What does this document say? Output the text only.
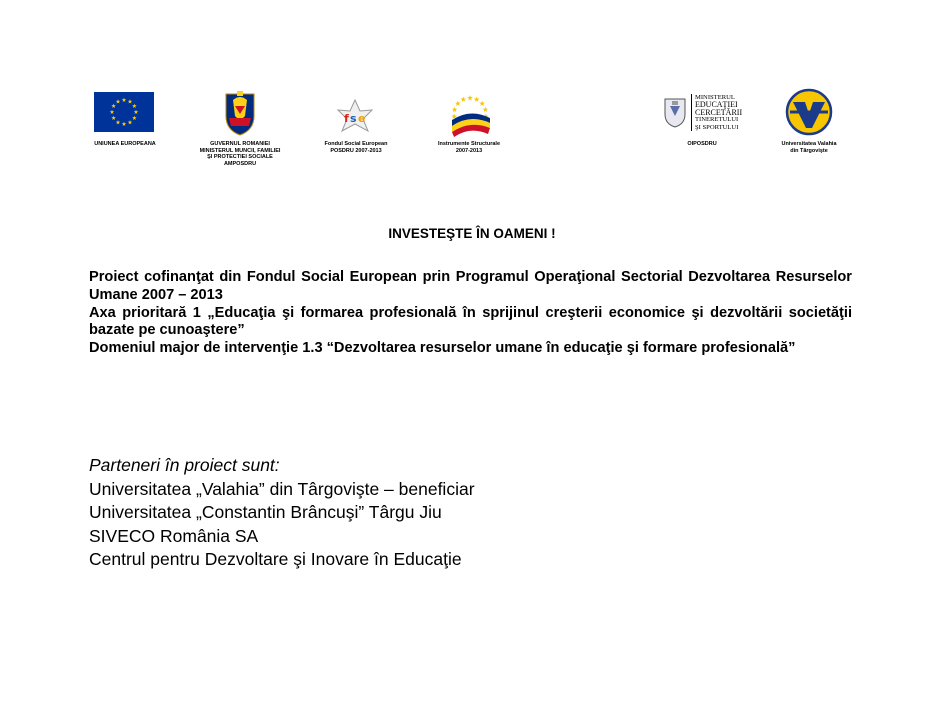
UNIUNEA EUROPEANA	GUVERNUL ROMANIEI
MINISTERUL MUNCII, FAMILIEI
ŞI PROTECTIEI SOCIALE
AMPOSDRU
f s e
Fondul Social European
POSDRU 2007-2013
Instrumente Structurale
2007-2013
MINISTERUL
EDUCAŢIEI
CERCETĂRII
TINERETULUI
ŞI SPORTULUI
OIPOSDRU	Universitatea Valahia
din Târgovişte
INVESTEŞTE ÎN OAMENI !

Proiect cofinanţat din Fondul Social European prin Programul Operaţional Sectorial Dezvoltarea Resurselor Umane 2007 – 2013

Axa prioritară 1 „Educaţia şi formarea profesională în sprijinul creşterii economice şi dezvoltării societăţii bazate pe cunoaştere”

Domeniul major de intervenţie 1.3 “Dezvoltarea resurselor umane în educaţie şi formare profesională”

Parteneri în proiect sunt:
Universitatea „Valahia” din Târgovişte – beneficiar
Universitatea „Constantin Brâncuşi” Târgu Jiu
SIVECO România SA
Centrul pentru Dezvoltare şi Inovare în Educaţie
